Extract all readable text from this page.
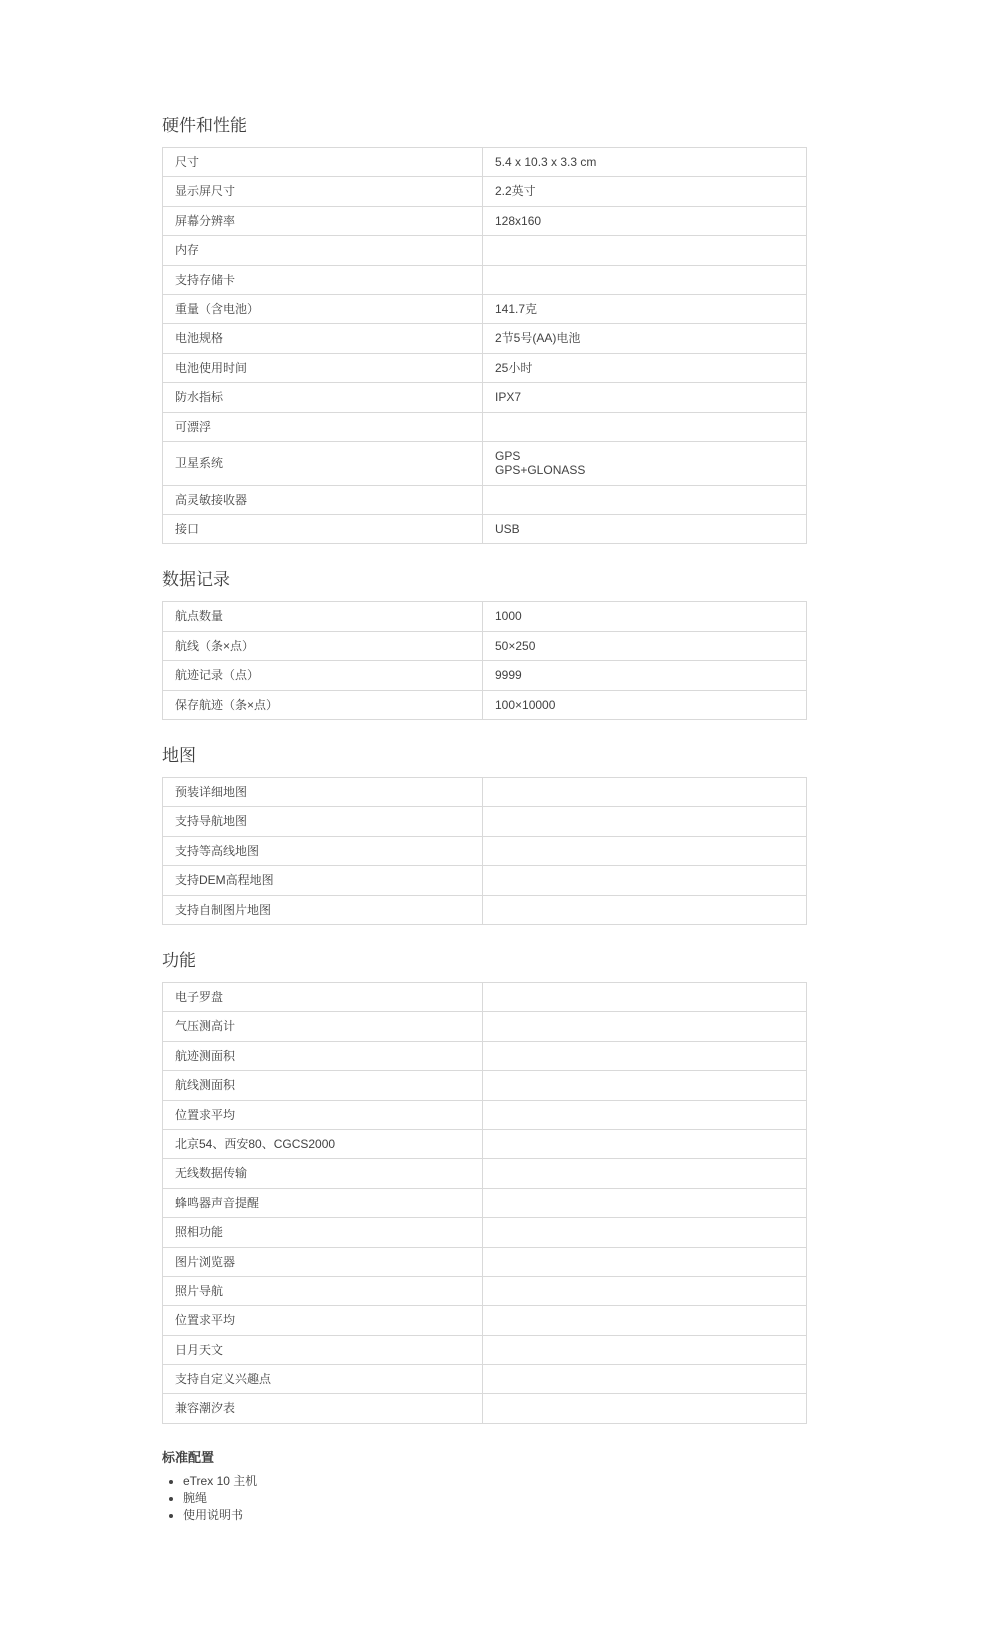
硬件和性能
尺寸	5.4 x 10.3 x 3.3 cm
显示屏尺寸	2.2英寸
屏幕分辨率	128x160
内存	
支持存储卡	
重量（含电池）	141.7克
电池规格	2节5号(AA)电池
电池使用时间	25小时
防水指标	IPX7
可漂浮	
卫星系统	GPS
GPS+GLONASS
高灵敏接收器	
接口	USB
数据记录
航点数量	1000
航线（条×点）	50×250
航迹记录（点）	9999
保存航迹（条×点）	100×10000
地图
预装详细地图	
支持导航地图	
支持等高线地图	
支持DEM高程地图	
支持自制图片地图	
功能
电子罗盘	
气压测高计	
航迹测面积	
航线测面积	
位置求平均	
北京54、西安80、CGCS2000	
无线数据传输	
蜂鸣器声音提醒	
照相功能	
图片浏览器	
照片导航	
位置求平均	
日月天文	
支持自定义兴趣点	
兼容潮汐表	
标准配置
• eTrex 10 主机
• 腕绳
• 使用说明书
